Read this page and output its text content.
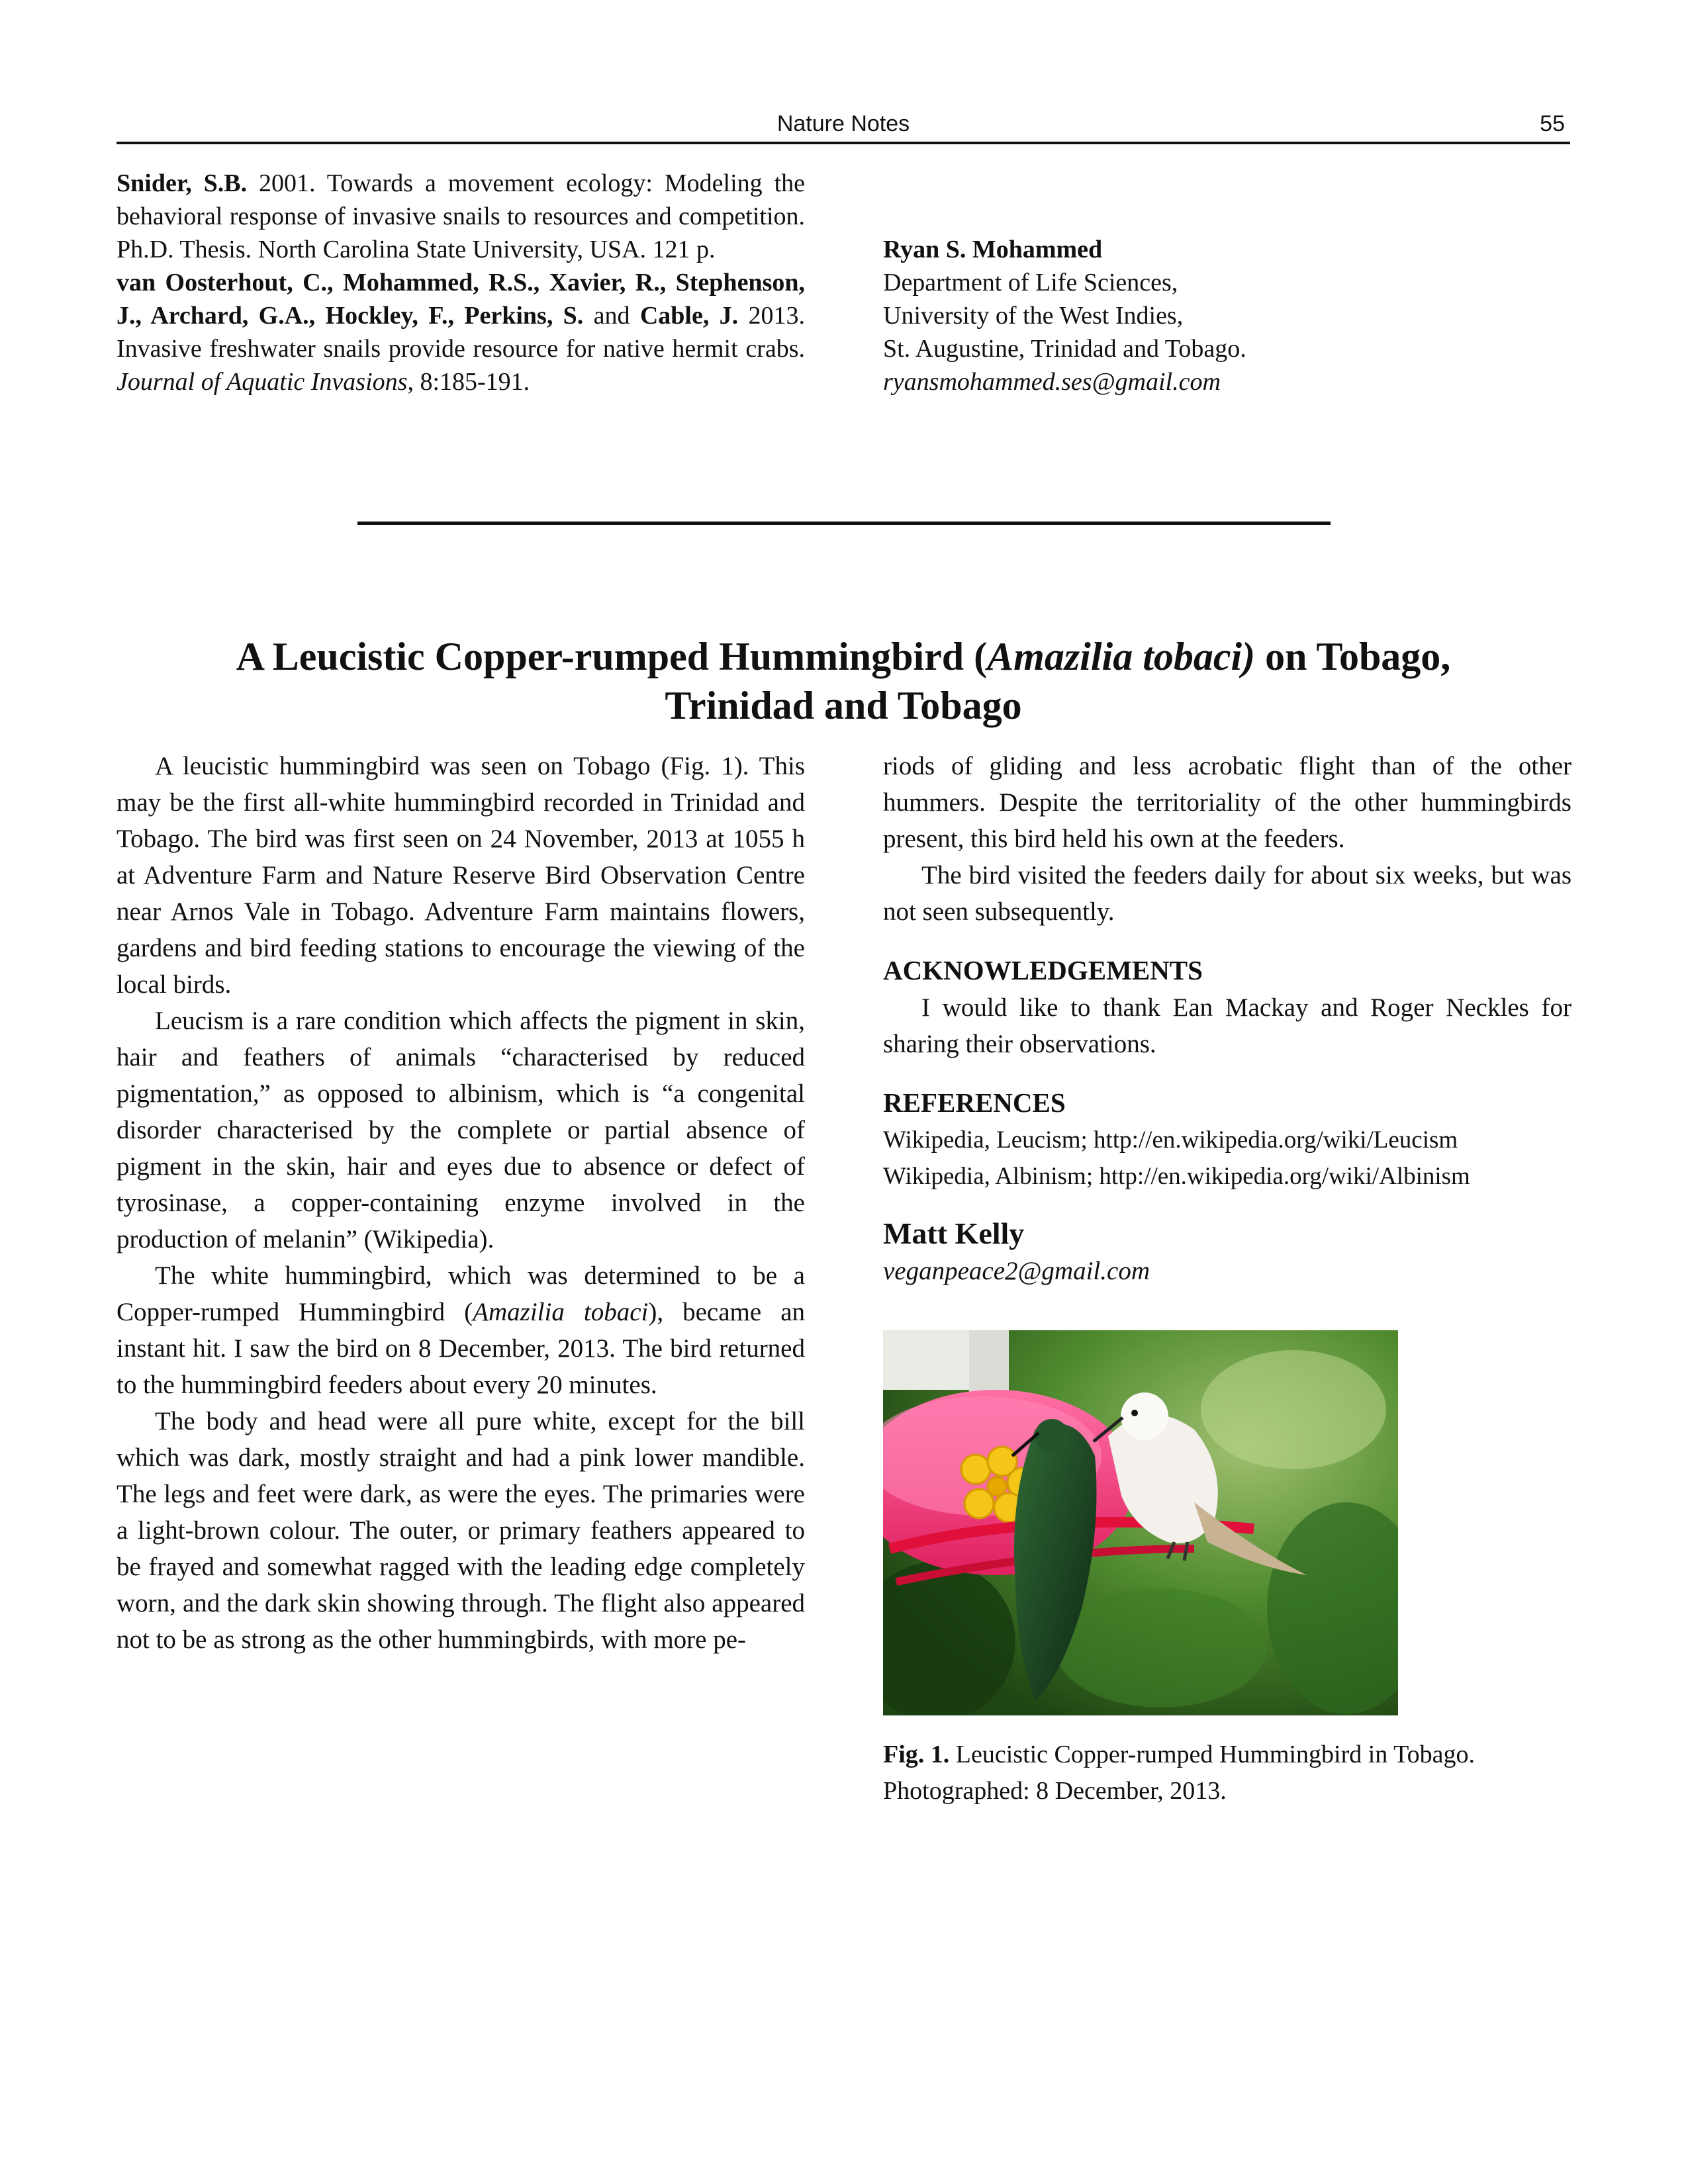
Nature Notes	55

Snider, S.B. 2001. Towards a movement ecology: Modeling the behavioral response of invasive snails to resources and competition. Ph.D. Thesis. North Carolina State University, USA. 121 p.

van Oosterhout, C., Mohammed, R.S., Xavier, R., Stephenson, J., Archard, G.A., Hockley, F., Perkins, S. and Cable, J. 2013. Invasive freshwater snails provide resource for native hermit crabs. Journal of Aquatic Invasions, 8:185-191.

Ryan S. Mohammed

Department of Life Sciences,

University of the West Indies,

St. Augustine, Trinidad and Tobago.

ryansmohammed.ses@gmail.com

A Leucistic Copper-rumped Hummingbird (Amazilia tobaci) on Tobago,
Trinidad and Tobago

A leucistic hummingbird was seen on Tobago (Fig. 1). This may be the first all-white hummingbird recorded in Trinidad and Tobago. The bird was first seen on 24 November, 2013 at 1055 h at Adventure Farm and Nature Reserve Bird Observation Centre near Arnos Vale in Tobago. Adventure Farm maintains flowers, gardens and bird feeding stations to encourage the viewing of the local birds.

Leucism is a rare condition which affects the pigment in skin, hair and feathers of animals “characterised by reduced pigmentation,” as opposed to albinism, which is “a congenital disorder characterised by the complete or partial absence of pigment in the skin, hair and eyes due to absence or defect of tyrosinase, a copper-containing enzyme involved in the production of melanin” (Wikipedia).

The white hummingbird, which was determined to be a Copper-rumped Hummingbird (Amazilia tobaci), became an instant hit. I saw the bird on 8 December, 2013. The bird returned to the hummingbird feeders about every 20 minutes.

The body and head were all pure white, except for the bill which was dark, mostly straight and had a pink lower mandible. The legs and feet were dark, as were the eyes. The primaries were a light-brown colour. The outer, or primary feathers appeared to be frayed and somewhat ragged with the leading edge completely worn, and the dark skin showing through. The flight also appeared not to be as strong as the other hummingbirds, with more pe-

riods of gliding and less acrobatic flight than of the other hummers. Despite the territoriality of the other hummingbirds present, this bird held his own at the feeders.

The bird visited the feeders daily for about six weeks, but was not seen subsequently.

ACKNOWLEDGEMENTS

I would like to thank Ean Mackay and Roger Neckles for sharing their observations.

REFERENCES

Wikipedia, Leucism; http://en.wikipedia.org/wiki/Leucism

Wikipedia, Albinism; http://en.wikipedia.org/wiki/Albinism

Matt Kelly

veganpeace2@gmail.com

Fig. 1. Leucistic Copper-rumped Hummingbird in Tobago. Photographed: 8 December, 2013.
